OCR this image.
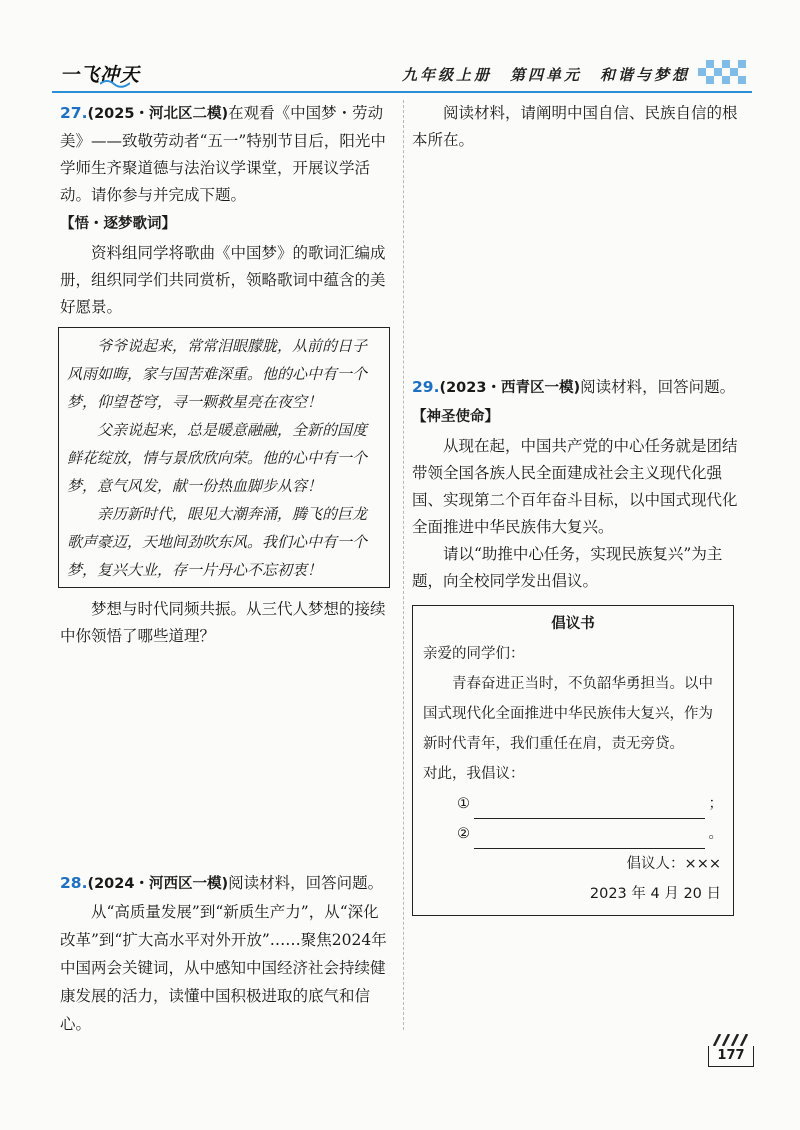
一飞冲天	九年级上册 第四单元 和谐与梦想

27.(2025・河北区二模)在观看《中国梦・劳动美》——致敬劳动者“五一”特别节目后，阳光中学师生齐聚道德与法治议学课堂，开展议学活动。请你参与并完成下题。

【悟・逐梦歌词】

资料组同学将歌曲《中国梦》的歌词汇编成册，组织同学们共同赏析，领略歌词中蕴含的美好愿景。

爷爷说起来，常常泪眼朦胧，从前的日子风雨如晦，家与国苦难深重。他的心中有一个梦，仰望苍穹，寻一颗救星亮在夜空！

父亲说起来，总是暖意融融，全新的国度鲜花绽放，情与景欣欣向荣。他的心中有一个梦，意气风发，献一份热血脚步从容！

亲历新时代，眼见大潮奔涌，腾飞的巨龙歌声豪迈，天地间劲吹东风。我们心中有一个梦，复兴大业，存一片丹心不忘初衷！

梦想与时代同频共振。从三代人梦想的接续中你领悟了哪些道理？

28.(2024・河西区一模)阅读材料，回答问题。

从“高质量发展”到“新质生产力”，从“深化改革”到“扩大高水平对外开放”……聚焦2024年中国两会关键词，从中感知中国经济社会持续健康发展的活力，读懂中国积极进取的底气和信心。

阅读材料，请阐明中国自信、民族自信的根本所在。

29.(2023・西青区一模)阅读材料，回答问题。

【神圣使命】

从现在起，中国共产党的中心任务就是团结带领全国各族人民全面建成社会主义现代化强国、实现第二个百年奋斗目标，以中国式现代化全面推进中华民族伟大复兴。

请以“助推中心任务，实现民族复兴”为主题，向全校同学发出倡议。

倡议书
亲爱的同学们：
青春奋进正当时，不负韶华勇担当。以中国式现代化全面推进中华民族伟大复兴，作为新时代青年，我们重任在肩，责无旁贷。
对此，我倡议：
①	；
②	。
倡议人：×××
2023 年 4 月 20 日
177
